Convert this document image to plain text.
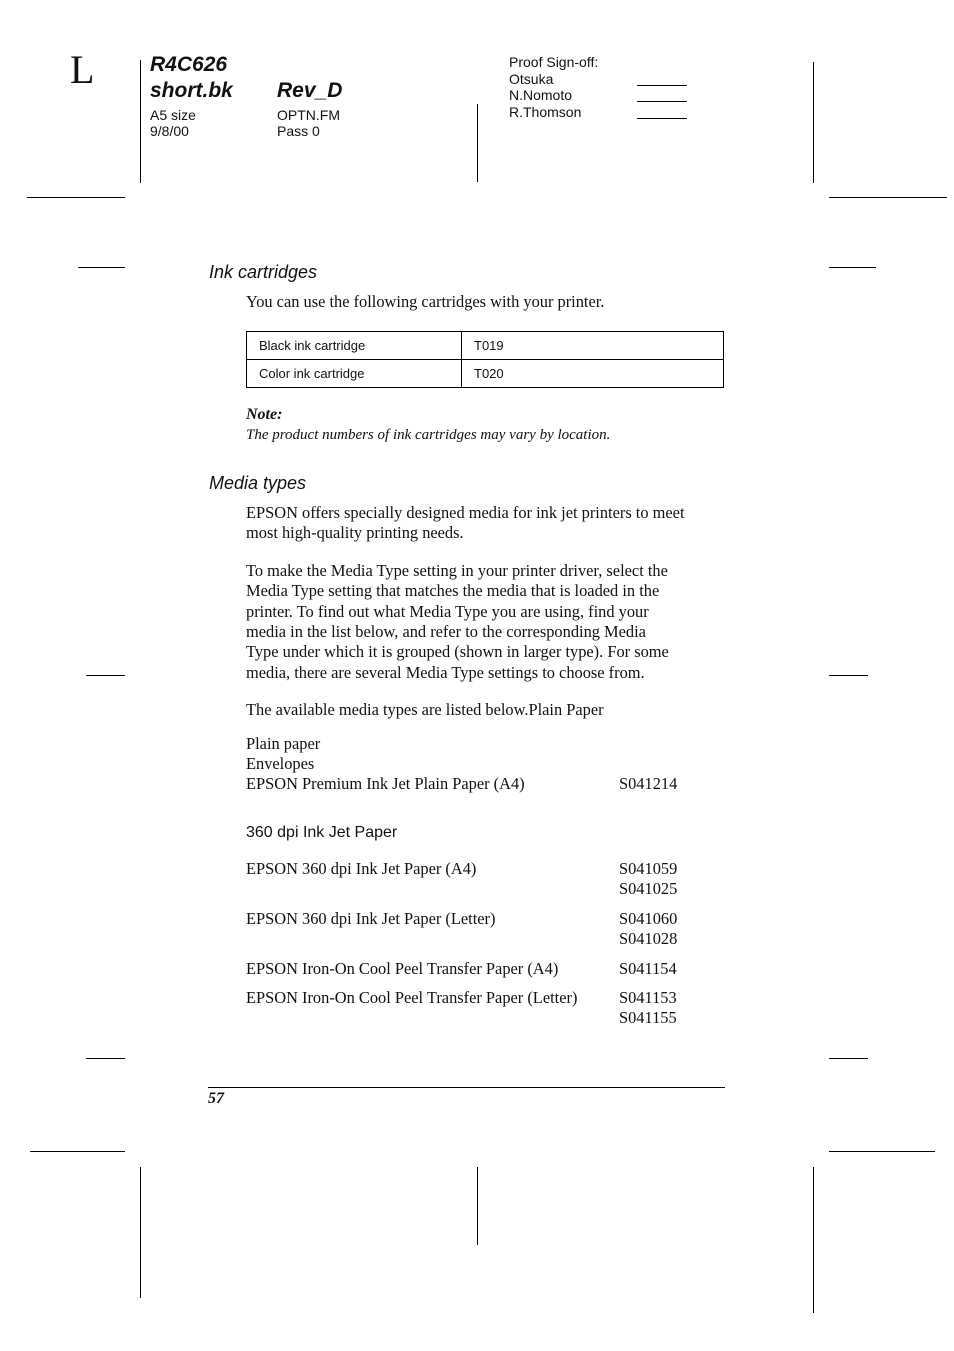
L	R4C626
short.bk Rev_D
A5 size
9/8/00
OPTN.FM
Pass 0
Proof Sign-off:
Otsuka
N.Nomoto
R.Thomson
Ink cartridges
You can use the following cartridges with your printer.
Black ink cartridge	T019
Color ink cartridge	T020
Note:
The product numbers of ink cartridges may vary by location.
Media types
EPSON offers specially designed media for ink jet printers to meet
most high-quality printing needs.
To make the Media Type setting in your printer driver, select the
Media Type setting that matches the media that is loaded in the
printer. To find out what Media Type you are using, find your
media in the list below, and refer to the corresponding Media
Type under which it is grouped (shown in larger type). For some
media, there are several Media Type settings to choose from.
The available media types are listed below.Plain Paper
Plain paper
Envelopes
EPSON Premium Ink Jet Plain Paper (A4)	S041214
360 dpi Ink Jet Paper
EPSON 360 dpi Ink Jet Paper (A4)	S041059
S041025
EPSON 360 dpi Ink Jet Paper (Letter)	S041060
S041028
EPSON Iron-On Cool Peel Transfer Paper (A4)	S041154
EPSON Iron-On Cool Peel Transfer Paper (Letter)	S041153
S041155
57
